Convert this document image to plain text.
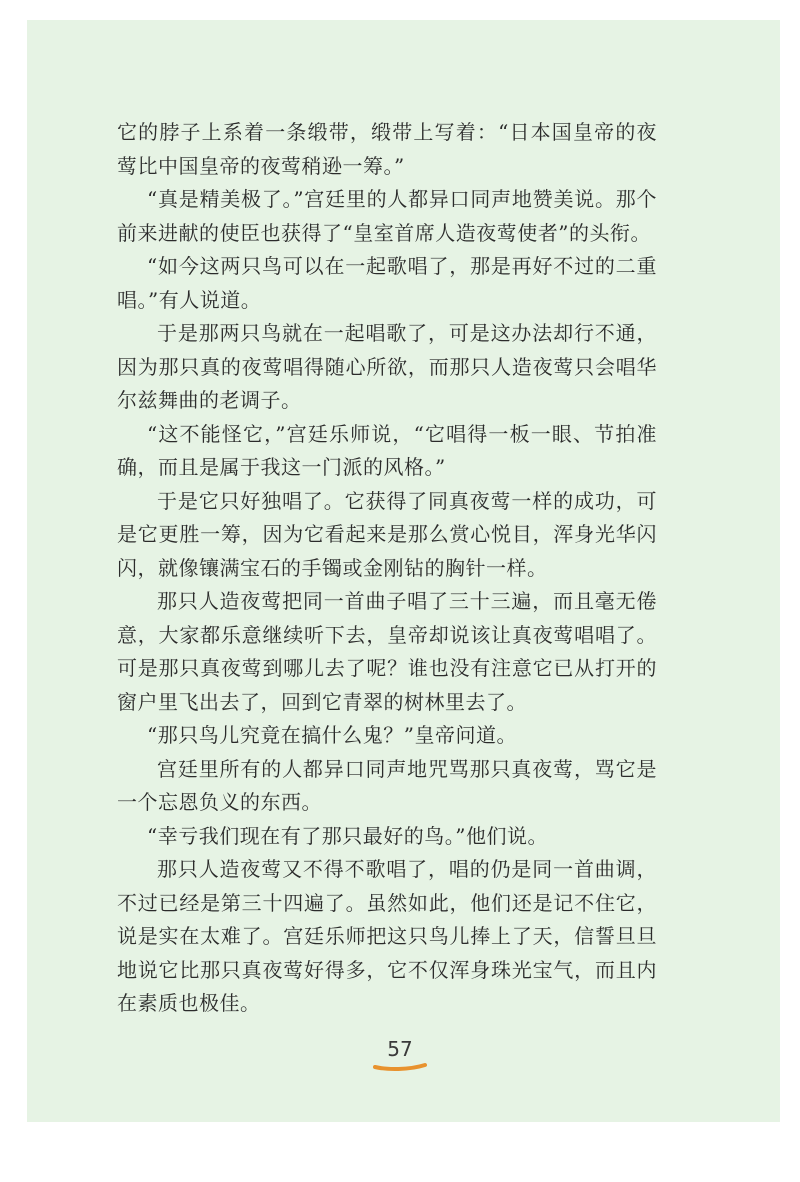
它的脖子上系着一条缎带，缎带上写着：“日本国皇帝的夜莺比中国皇帝的夜莺稍逊一筹。”

“真是精美极了。”宫廷里的人都异口同声地赞美说。那个前来进献的使臣也获得了“皇室首席人造夜莺使者”的头衔。

“如今这两只鸟可以在一起歌唱了，那是再好不过的二重唱。”有人说道。

于是那两只鸟就在一起唱歌了，可是这办法却行不通，因为那只真的夜莺唱得随心所欲，而那只人造夜莺只会唱华尔兹舞曲的老调子。

“这不能怪它，”宫廷乐师说，“它唱得一板一眼、节拍准确，而且是属于我这一门派的风格。”

于是它只好独唱了。它获得了同真夜莺一样的成功，可是它更胜一筹，因为它看起来是那么赏心悦目，浑身光华闪闪，就像镶满宝石的手镯或金刚钻的胸针一样。

那只人造夜莺把同一首曲子唱了三十三遍，而且毫无倦意，大家都乐意继续听下去，皇帝却说该让真夜莺唱唱了。可是那只真夜莺到哪儿去了呢？谁也没有注意它已从打开的窗户里飞出去了，回到它青翠的树林里去了。

“那只鸟儿究竟在搞什么鬼？”皇帝问道。

宫廷里所有的人都异口同声地咒骂那只真夜莺，骂它是一个忘恩负义的东西。

“幸亏我们现在有了那只最好的鸟。”他们说。

那只人造夜莺又不得不歌唱了，唱的仍是同一首曲调，不过已经是第三十四遍了。虽然如此，他们还是记不住它，说是实在太难了。宫廷乐师把这只鸟儿捧上了天，信誓旦旦地说它比那只真夜莺好得多，它不仅浑身珠光宝气，而且内在素质也极佳。

57
